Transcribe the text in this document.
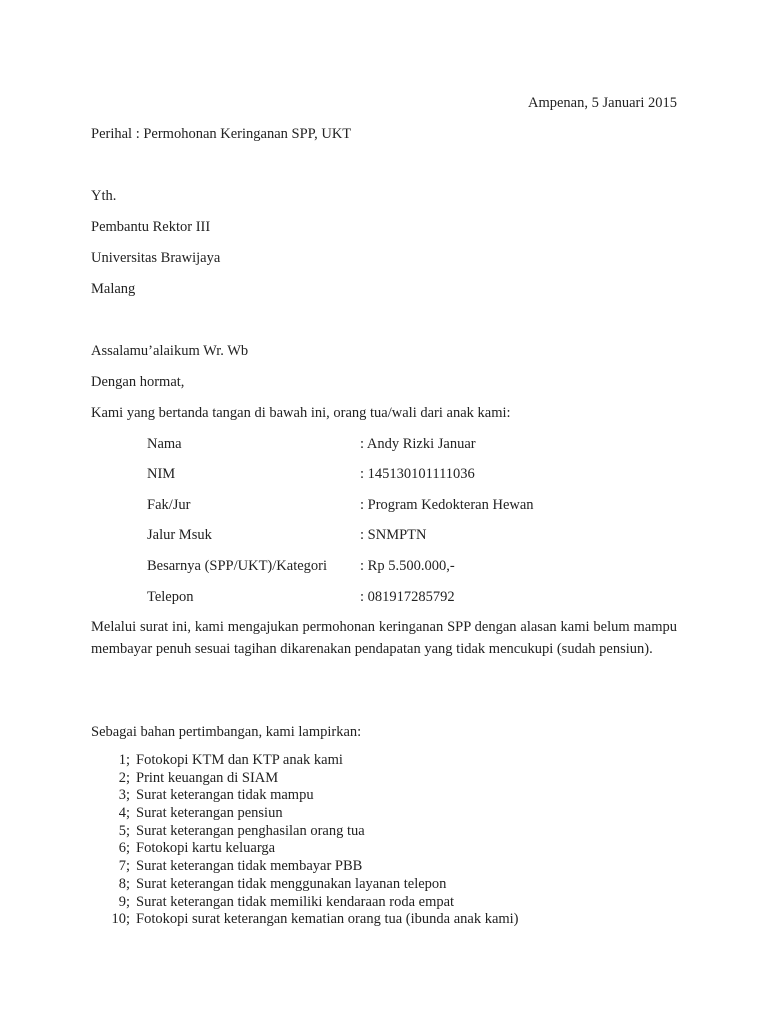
Ampenan, 5 Januari 2015
Perihal : Permohonan Keringanan SPP, UKT
Yth.
Pembantu Rektor III
Universitas Brawijaya
Malang
Assalamu’alaikum Wr. Wb
Dengan hormat,
Kami yang bertanda tangan di bawah ini, orang tua/wali dari anak kami:
Nama	: Andy Rizki Januar
NIM	: 145130101111036
Fak/Jur	: Program Kedokteran Hewan
Jalur Msuk	: SNMPTN
Besarnya (SPP/UKT)/Kategori : Rp 5.500.000,-
Telepon	: 081917285792
Melalui surat ini, kami mengajukan permohonan keringanan SPP dengan alasan kami belum mampu membayar penuh sesuai tagihan dikarenakan pendapatan yang tidak mencukupi (sudah pensiun).
Sebagai bahan pertimbangan, kami lampirkan:
1; Fotokopi KTM dan KTP anak kami
2; Print keuangan di SIAM
3; Surat keterangan tidak mampu
4; Surat keterangan pensiun
5; Surat keterangan penghasilan orang tua
6; Fotokopi kartu keluarga
7; Surat keterangan tidak membayar PBB
8; Surat keterangan tidak menggunakan layanan telepon
9; Surat keterangan tidak memiliki kendaraan roda empat
10; Fotokopi surat keterangan kematian orang tua (ibunda anak kami)
